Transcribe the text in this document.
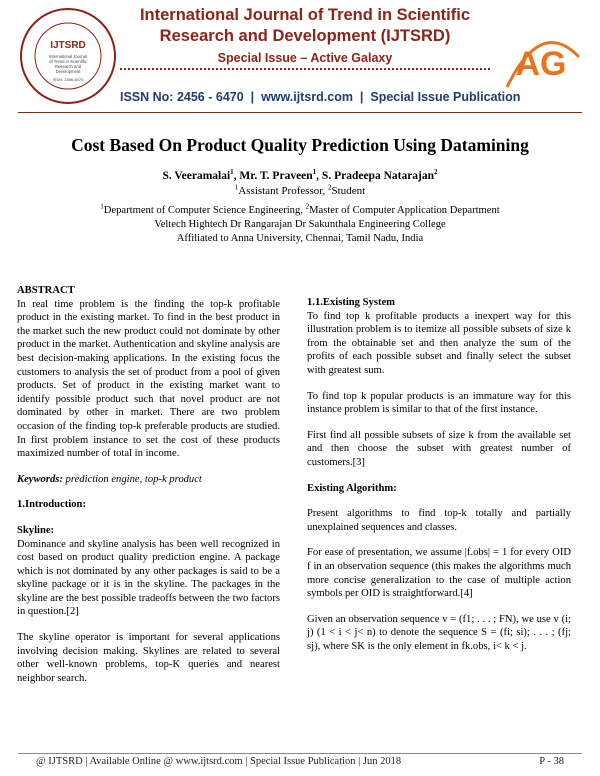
IJTSRD
International Journal
of Trend in Scientific
Research and
Development
ISSN: 2456-6470
International Journal of Trend in Scientific
Research and Development (IJTSRD)
Special Issue – Active Galaxy
ISSN No: 2456 - 6470  |  www.ijtsrd.com  |  Special Issue Publication
AG
Cost Based On Product Quality Prediction Using Datamining
S. Veeramalai$^1$, Mr. T. Praveen$^1$, S. Pradeepa Natarajan$^2$
$^1$Assistant Professor, $^2$Student
$^1$Department of Computer Science Engineering, $^2$Master of Computer Application Department
Veltech Hightech Dr Rangarajan Dr Sakunthala Engineering College
Affiliated to Anna University, Chennai, Tamil Nadu, India

ABSTRACT

In real time problem is the finding the top-k profitable product in the existing market. To find in the best product in the market such the new product could not dominate by other product in the market. Authentication and skyline analysis are best decision-making applications. In the existing focus the customers to analysis the set of product from a pool of given products. Set of product in the existing market want to identify possible product such that novel product are not dominated by other in market. There are two problem occasion of the finding top-k preferable products are studied. In first problem instance to set the cost of these products maximized number of total in income.

Keywords: prediction engine, top-k product

1.Introduction:

Skyline:

Dominance and skyline analysis has been well recognized in cost based on product quality prediction engine. A package which is not dominated by any other packages is said to be a skyline package or it is in the skyline. The packages in the skyline are the best possible tradeoffs between the two factors in question.[2]

The skyline operator is important for several applications involving decision making. Skylines are related to several other well-known problems, top-K queries and nearest neighbor search.

1.1.Existing System

To find top k profitable products a inexpert way for this illustration problem is to itemize all possible subsets of size k from the obtainable set and then analyze the sum of the profits of each possible subset and finally select the subset with greatest sum.

To find top k popular products is an immature way for this instance problem is similar to that of the first instance.

First find all possible subsets of size k from the available set and then choose the subset with greatest number of customers.[3]

Existing Algorithm:

Present algorithms to find top-k totally and partially unexplained sequences and classes.

For ease of presentation, we assume |f.obs| = 1 for every OID f in an observation sequence (this makes the algorithms much more concise generalization to the case of multiple action symbols per OID is straightforward.[4]

Given an observation sequence v = (f1; . . . ; FN), we use v (i; j) (1 < i < j< n) to denote the sequence S = (fi; si); . . . ; (fj; sj), where SK is the only element in fk.obs, i< k < j.

@ IJTSRD | Available Online @ www.ijtsrd.com | Special Issue Publication | Jun 2018	P - 38
